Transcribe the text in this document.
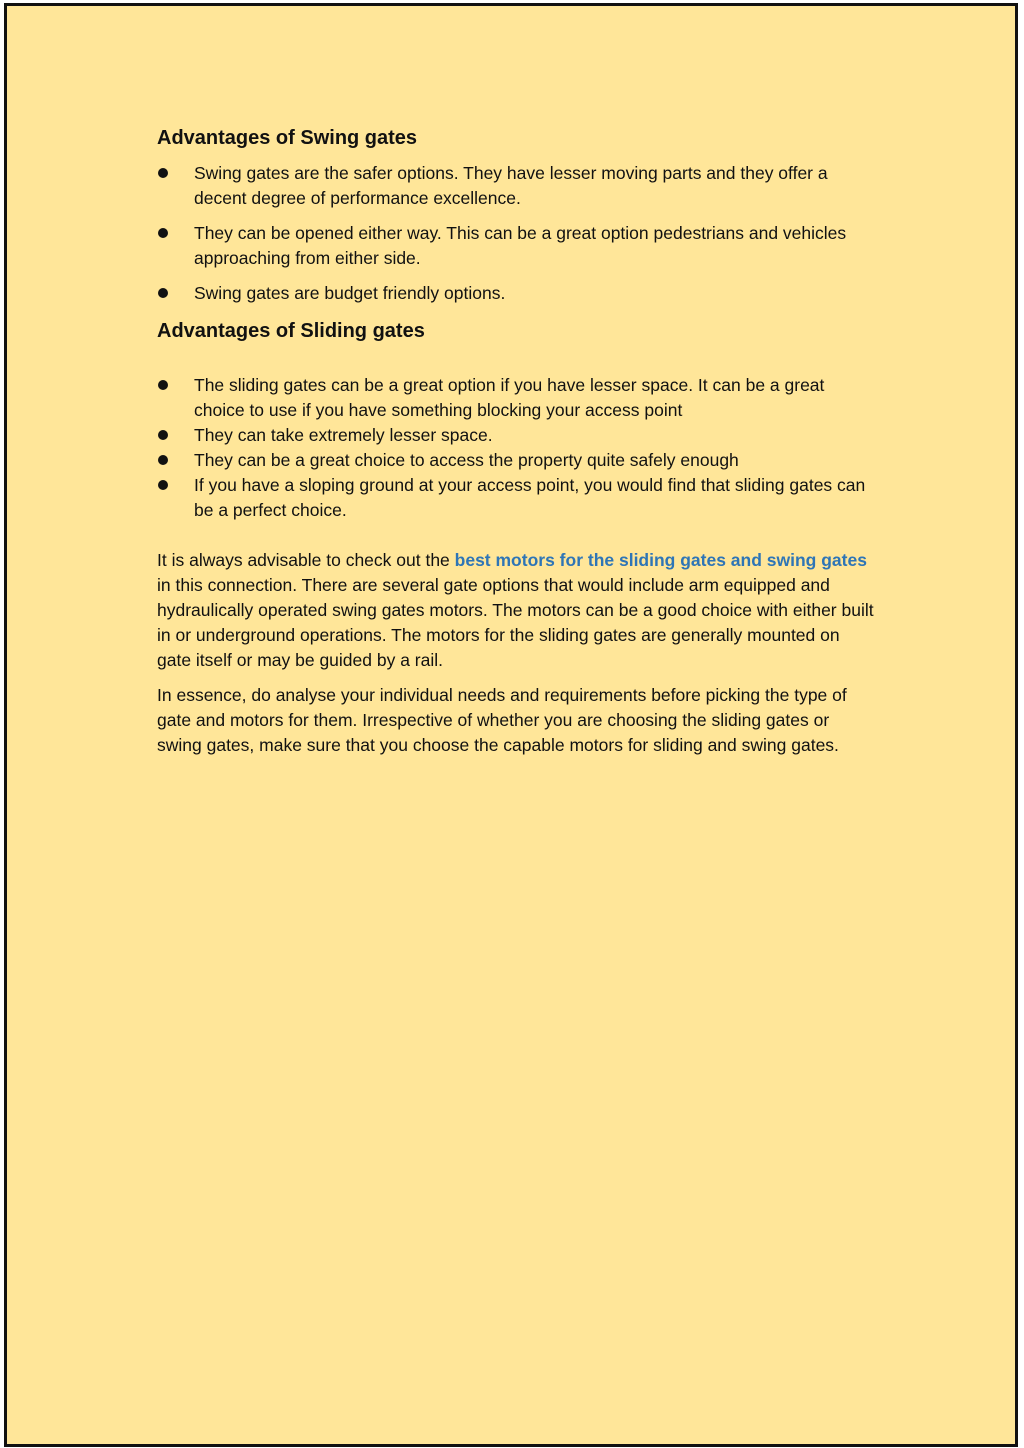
Advantages of Swing gates
Swing gates are the safer options. They have lesser moving parts and they offer a decent degree of performance excellence.
They can be opened either way. This can be a great option pedestrians and vehicles approaching from either side.
Swing gates are budget friendly options.
Advantages of Sliding gates
The sliding gates can be a great option if you have lesser space. It can be a great choice to use if you have something blocking your access point
They can take extremely lesser space.
They can be a great choice to access the property quite safely enough
If you have a sloping ground at your access point, you would find that sliding gates can be a perfect choice.

It is always advisable to check out the best motors for the sliding gates and swing gates in this connection. There are several gate options that would include arm equipped and hydraulically operated swing gates motors. The motors can be a good choice with either built in or underground operations. The motors for the sliding gates are generally mounted on gate itself or may be guided by a rail.

In essence, do analyse your individual needs and requirements before picking the type of gate and motors for them. Irrespective of whether you are choosing the sliding gates or swing gates, make sure that you choose the capable motors for sliding and swing gates.
